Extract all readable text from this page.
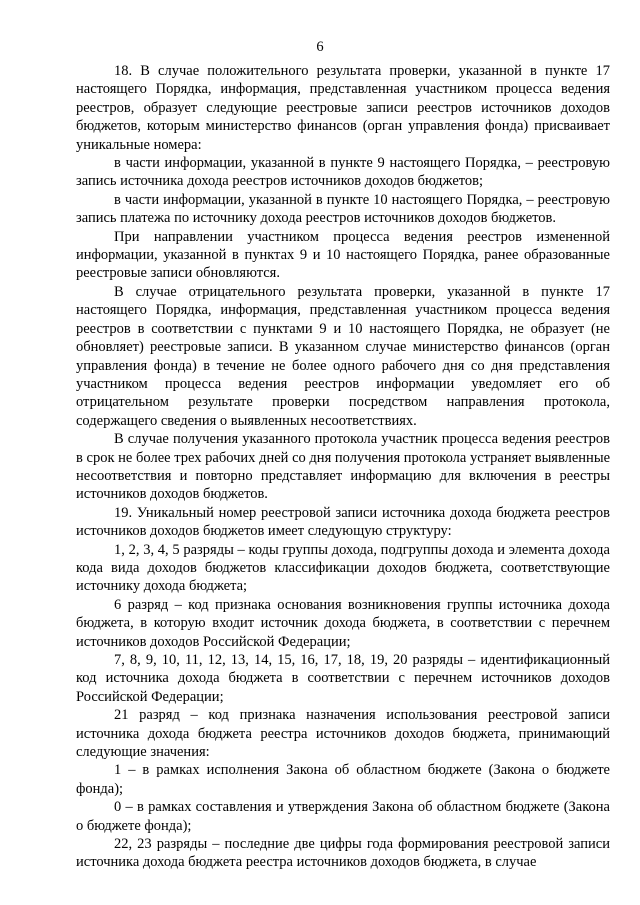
6

18. В случае положительного результата проверки, указанной в пункте 17 настоящего Порядка, информация, представленная участником процесса ведения реестров, образует следующие реестровые записи реестров источников доходов бюджетов, которым министерство финансов (орган управления фонда) присваивает уникальные номера:

в части информации, указанной в пункте 9 настоящего Порядка, – реестровую запись источника дохода реестров источников доходов бюджетов;

в части информации, указанной в пункте 10 настоящего Порядка, – реестровую запись платежа по источнику дохода реестров источников доходов бюджетов.

При направлении участником процесса ведения реестров измененной информации, указанной в пунктах 9 и 10 настоящего Порядка, ранее образованные реестровые записи обновляются.

В случае отрицательного результата проверки, указанной в пункте 17 настоящего Порядка, информация, представленная участником процесса ведения реестров в соответствии с пунктами 9 и 10 настоящего Порядка, не образует (не обновляет) реестровые записи. В указанном случае министерство финансов (орган управления фонда) в течение не более одного рабочего дня со дня представления участником процесса ведения реестров информации уведомляет его об отрицательном результате проверки посредством направления протокола, содержащего сведения о выявленных несоответствиях.

В случае получения указанного протокола участник процесса ведения реестров в срок не более трех рабочих дней со дня получения протокола устраняет выявленные несоответствия и повторно представляет информацию для включения в реестры источников доходов бюджетов.

19. Уникальный номер реестровой записи источника дохода бюджета реестров источников доходов бюджетов имеет следующую структуру:

1, 2, 3, 4, 5 разряды – коды группы дохода, подгруппы дохода и элемента дохода кода вида доходов бюджетов классификации доходов бюджета, соответствующие источнику дохода бюджета;

6 разряд – код признака основания возникновения группы источника дохода бюджета, в которую входит источник дохода бюджета, в соответствии с перечнем источников доходов Российской Федерации;

7, 8, 9, 10, 11, 12, 13, 14, 15, 16, 17, 18, 19, 20 разряды – идентификационный код источника дохода бюджета в соответствии с перечнем источников доходов Российской Федерации;

21 разряд – код признака назначения использования реестровой записи источника дохода бюджета реестра источников доходов бюджета, принимающий следующие значения:

1 – в рамках исполнения Закона об областном бюджете (Закона о бюджете фонда);

0 – в рамках составления и утверждения Закона об областном бюджете (Закона о бюджете фонда);

22, 23 разряды – последние две цифры года формирования реестровой записи источника дохода бюджета реестра источников доходов бюджета, в случае
